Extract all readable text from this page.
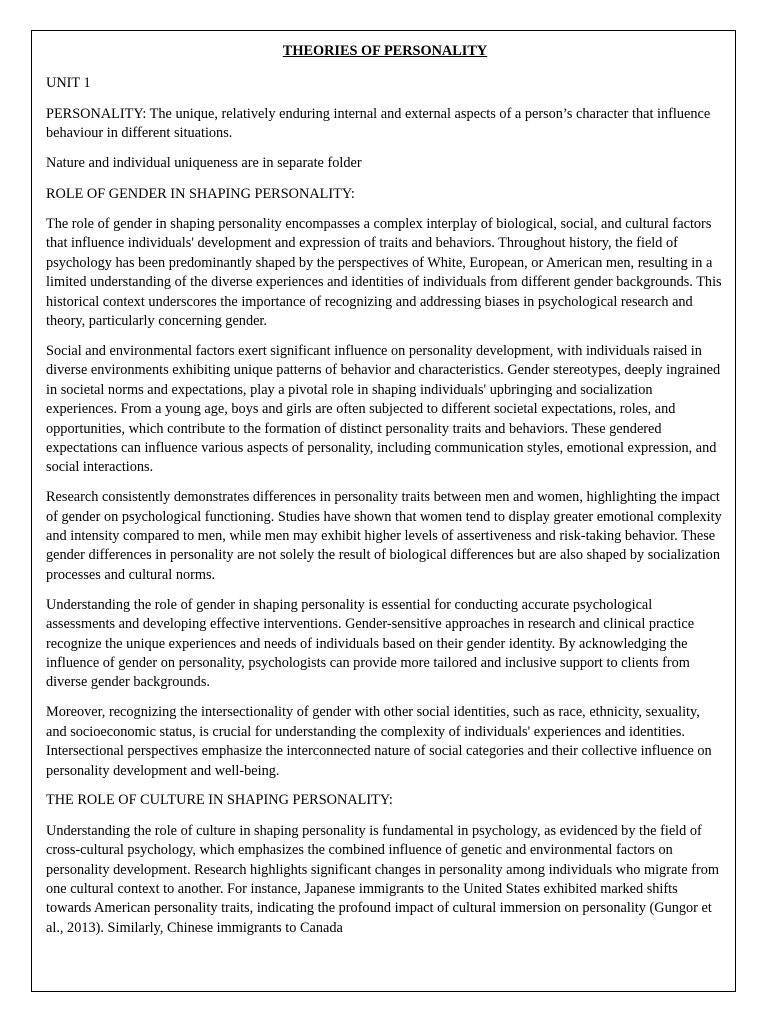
THEORIES OF PERSONALITY

UNIT 1

PERSONALITY: The unique, relatively enduring internal and external aspects of a person’s character that influence behaviour in different situations.

Nature and individual uniqueness are in separate folder

ROLE OF GENDER IN SHAPING PERSONALITY:

The role of gender in shaping personality encompasses a complex interplay of biological, social, and cultural factors that influence individuals' development and expression of traits and behaviors. Throughout history, the field of psychology has been predominantly shaped by the perspectives of White, European, or American men, resulting in a limited understanding of the diverse experiences and identities of individuals from different gender backgrounds. This historical context underscores the importance of recognizing and addressing biases in psychological research and theory, particularly concerning gender.

Social and environmental factors exert significant influence on personality development, with individuals raised in diverse environments exhibiting unique patterns of behavior and characteristics. Gender stereotypes, deeply ingrained in societal norms and expectations, play a pivotal role in shaping individuals' upbringing and socialization experiences. From a young age, boys and girls are often subjected to different societal expectations, roles, and opportunities, which contribute to the formation of distinct personality traits and behaviors. These gendered expectations can influence various aspects of personality, including communication styles, emotional expression, and social interactions.

Research consistently demonstrates differences in personality traits between men and women, highlighting the impact of gender on psychological functioning. Studies have shown that women tend to display greater emotional complexity and intensity compared to men, while men may exhibit higher levels of assertiveness and risk-taking behavior. These gender differences in personality are not solely the result of biological differences but are also shaped by socialization processes and cultural norms.

Understanding the role of gender in shaping personality is essential for conducting accurate psychological assessments and developing effective interventions. Gender-sensitive approaches in research and clinical practice recognize the unique experiences and needs of individuals based on their gender identity. By acknowledging the influence of gender on personality, psychologists can provide more tailored and inclusive support to clients from diverse gender backgrounds.

Moreover, recognizing the intersectionality of gender with other social identities, such as race, ethnicity, sexuality, and socioeconomic status, is crucial for understanding the complexity of individuals' experiences and identities. Intersectional perspectives emphasize the interconnected nature of social categories and their collective influence on personality development and well-being.

THE ROLE OF CULTURE IN SHAPING PERSONALITY:

Understanding the role of culture in shaping personality is fundamental in psychology, as evidenced by the field of cross-cultural psychology, which emphasizes the combined influence of genetic and environmental factors on personality development. Research highlights significant changes in personality among individuals who migrate from one cultural context to another. For instance, Japanese immigrants to the United States exhibited marked shifts towards American personality traits, indicating the profound impact of cultural immersion on personality (Gungor et al., 2013). Similarly, Chinese immigrants to Canada
